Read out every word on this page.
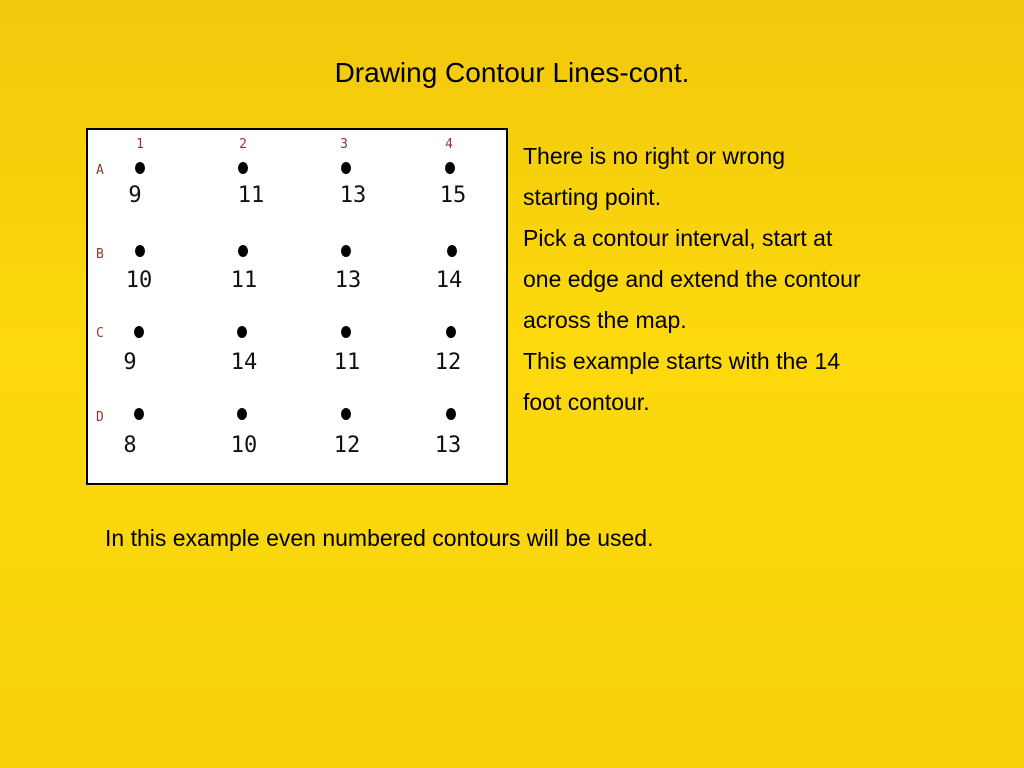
Drawing Contour Lines-cont.
1	2	3	4
A
9	11	13	15
B
10	11	13	14
C
9	14	11	12
D
8	10	12	13
There is no right or wrong
starting point.
Pick a contour interval, start at
one edge and extend the contour
across the map.
This example starts with the 14
foot contour.
In this example even numbered contours will be used.
